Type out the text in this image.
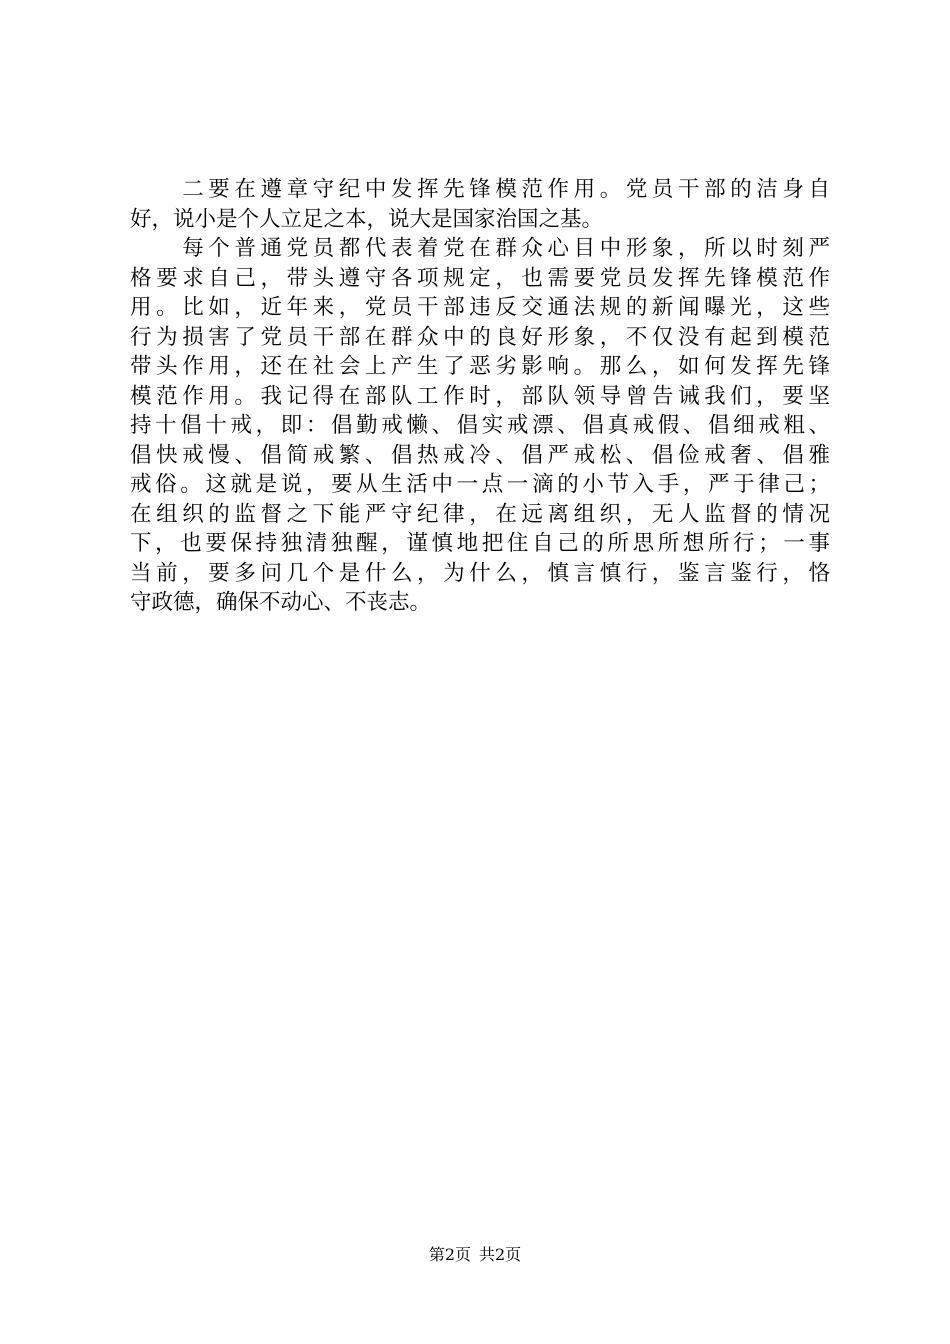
　　二要在遵章守纪中发挥先锋模范作用。党员干部的洁身自
好，说小是个人立足之本，说大是国家治国之基。
　　每个普通党员都代表着党在群众心目中形象，所以时刻严
格要求自己，带头遵守各项规定，也需要党员发挥先锋模范作
用。比如，近年来，党员干部违反交通法规的新闻曝光，这些
行为损害了党员干部在群众中的良好形象，不仅没有起到模范
带头作用，还在社会上产生了恶劣影响。那么，如何发挥先锋
模范作用。我记得在部队工作时，部队领导曾告诫我们，要坚
持十倡十戒，即：倡勤戒懒、倡实戒漂、倡真戒假、倡细戒粗、
倡快戒慢、倡简戒繁、倡热戒冷、倡严戒松、倡俭戒奢、倡雅
戒俗。这就是说，要从生活中一点一滴的小节入手，严于律己；
在组织的监督之下能严守纪律，在远离组织，无人监督的情况
下，也要保持独清独醒，谨慎地把住自己的所思所想所行；一事
当前，要多问几个是什么，为什么，慎言慎行，鉴言鉴行，恪
守政德，确保不动心、不丧志。
第2页 共2页
